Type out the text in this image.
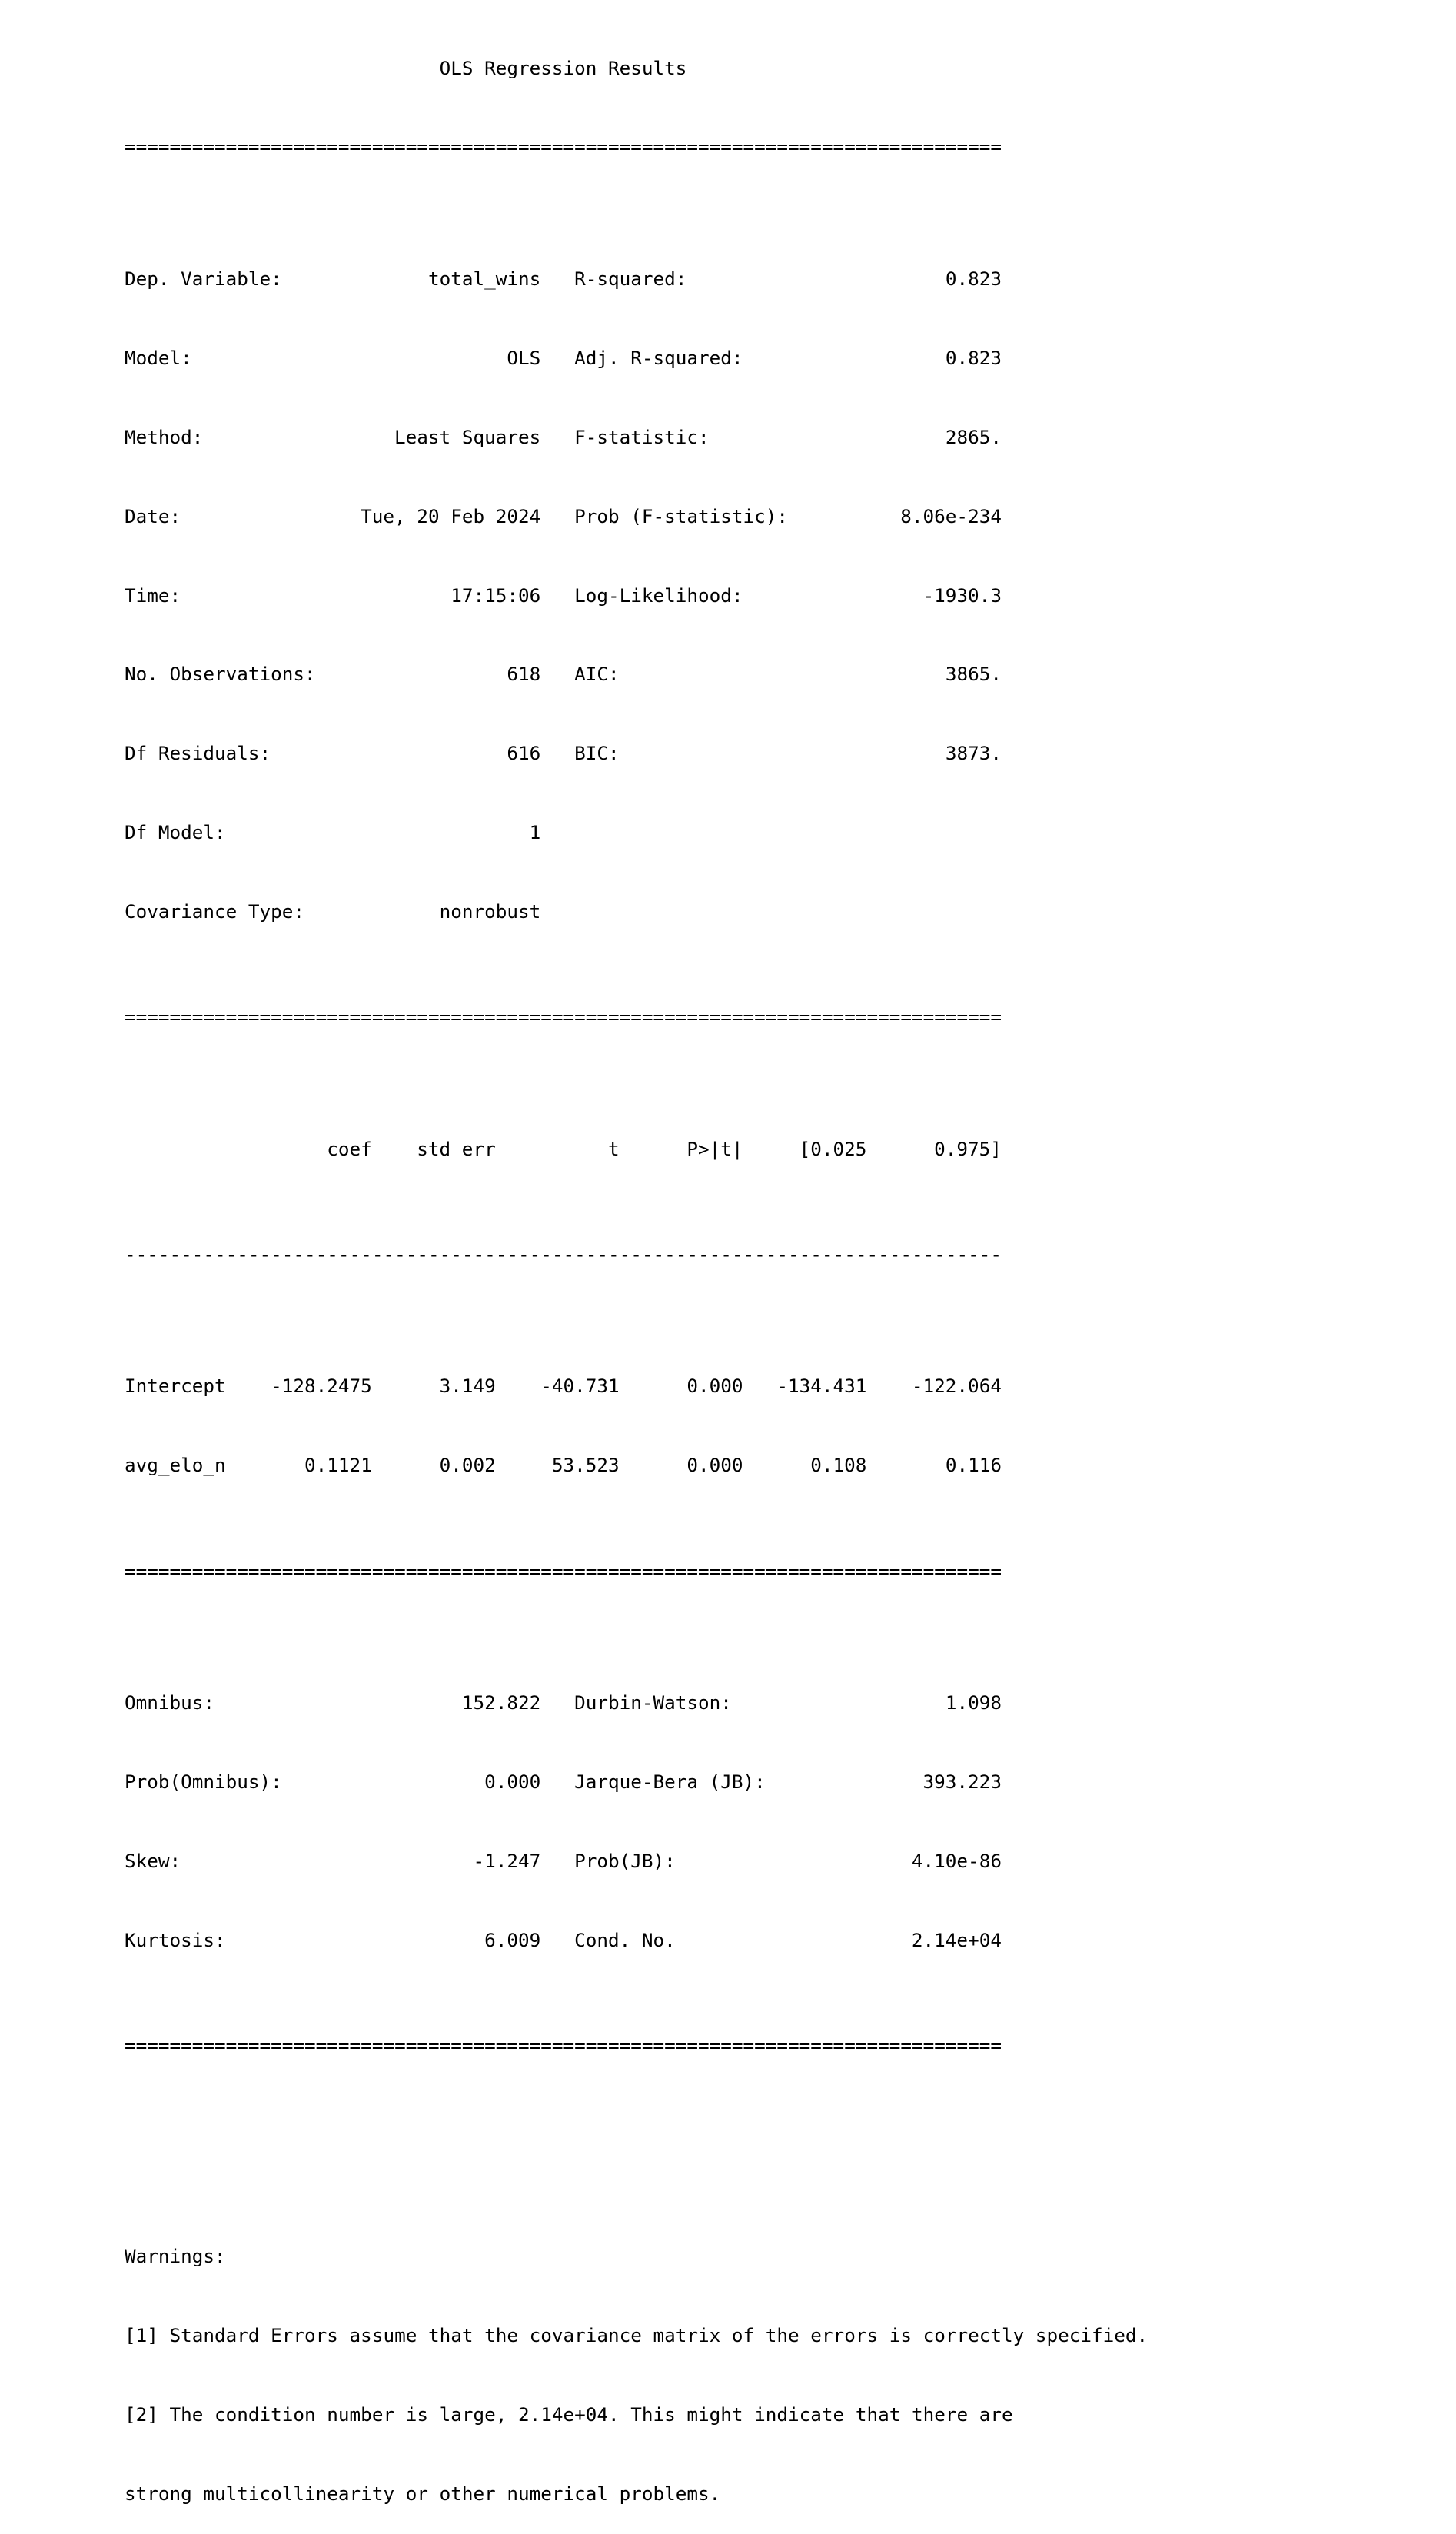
OLS Regression Results

==============================================================================

Dep. Variable:	total_wins R-squared:	0.823

Model:	OLS Adj. R-squared:	0.823

Method:	Least Squares F-statistic:	2865.

Date:	Tue, 20 Feb 2024 Prob (F-statistic):	8.06e-234

Time:	17:15:06 Log-Likelihood:	-1930.3

No. Observations:	618 AIC:	3865.

Df Residuals:	616 BIC:	3873.

Df Model:	1

Covariance Type:	nonrobust

==============================================================================

coef std err	t	P>|t|	[0.025	0.975]

------------------------------------------------------------------------------

Intercept -128.2475	3.149 -40.731	0.000 -134.431 -122.064

avg_elo_n	0.1121	0.002	53.523	0.000	0.108	0.116

==============================================================================

Omnibus:	152.822 Durbin-Watson:	1.098

Prob(Omnibus):	0.000 Jarque-Bera (JB):	393.223

Skew:	-1.247 Prob(JB):	4.10e-86

Kurtosis:	6.009 Cond. No.	2.14e+04

==============================================================================

Warnings:

[1] Standard Errors assume that the covariance matrix of the errors is correctly specified.

[2] The condition number is large, 2.14e+04. This might indicate that there are

strong multicollinearity or other numerical problems.
